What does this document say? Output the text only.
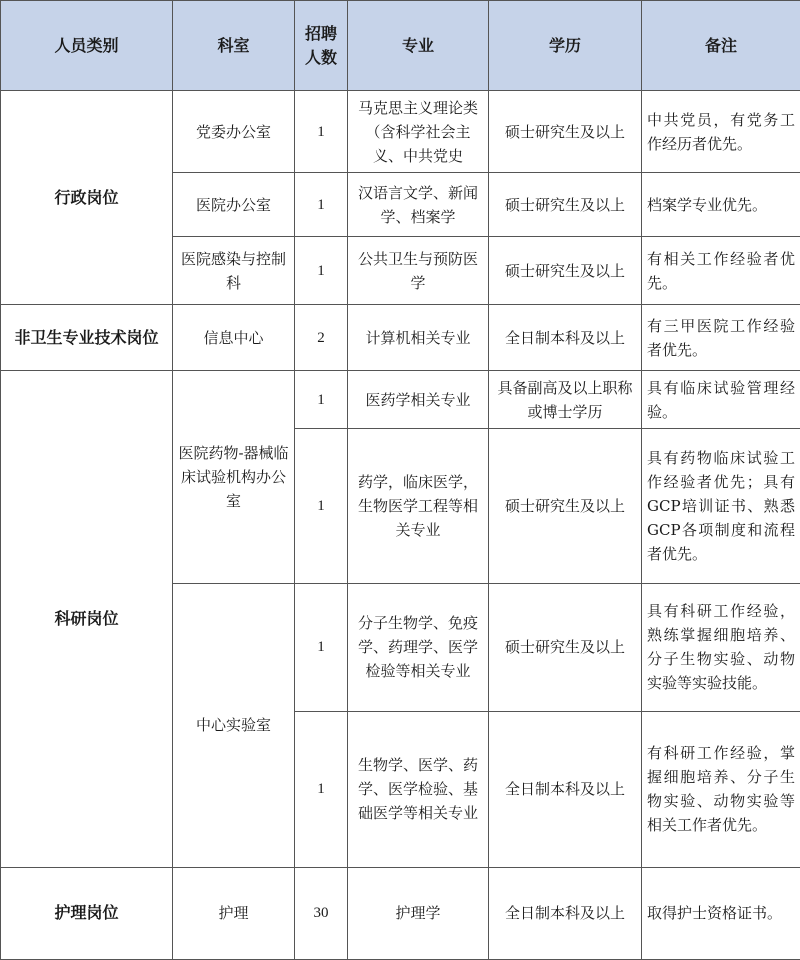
人员类别	科室	招聘人数	专业	学历	备注
行政岗位	党委办公室	1	马克思主义理论类（含科学社会主义、中共党史	硕士研究生及以上	中共党员，有党务工作经历者优先。
	医院办公室	1	汉语言文学、新闻学、档案学	硕士研究生及以上	档案学专业优先。
	医院感染与控制科	1	公共卫生与预防医学	硕士研究生及以上	有相关工作经验者优先。
非卫生专业技术岗位	信息中心	2	计算机相关专业	全日制本科及以上	有三甲医院工作经验者优先。
科研岗位	医院药物-器械临床试验机构办公室	1	医药学相关专业	具备副高及以上职称或博士学历	具有临床试验管理经验。
		1	药学，临床医学，生物医学工程等相关专业	硕士研究生及以上	具有药物临床试验工作经验者优先；具有GCP培训证书、熟悉GCP各项制度和流程者优先。
	中心实验室	1	分子生物学、免疫学、药理学、医学检验等相关专业	硕士研究生及以上	具有科研工作经验，熟练掌握细胞培养、分子生物实验、动物实验等实验技能。
		1	生物学、医学、药学、医学检验、基础医学等相关专业	全日制本科及以上	有科研工作经验，掌握细胞培养、分子生物实验、动物实验等相关工作者优先。
护理岗位	护理	30	护理学	全日制本科及以上	取得护士资格证书。
